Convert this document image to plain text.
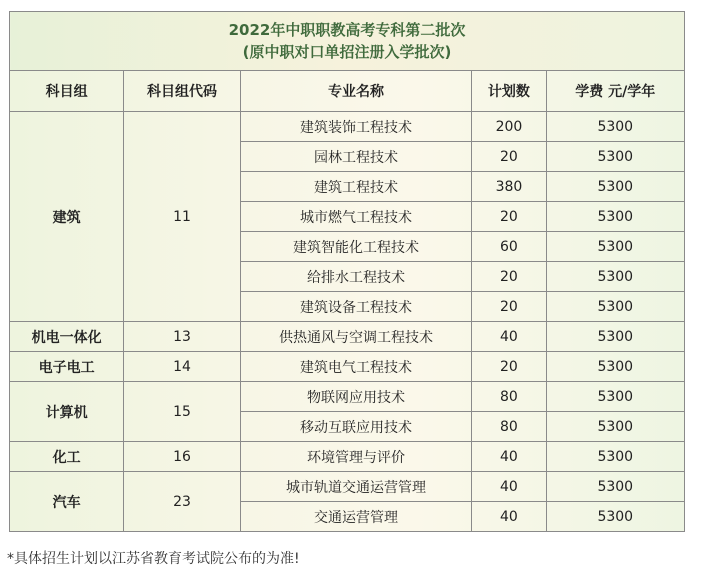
2022年中职职教高考专科第二批次
(原中职对口单招注册入学批次)				

科目组	科目组代码	专业名称	计划数	学费 元/学年
建筑	11	建筑装饰工程技术	200	5300
		园林工程技术	20	5300
		建筑工程技术	380	5300
		城市燃气工程技术	20	5300
		建筑智能化工程技术	60	5300
		给排水工程技术	20	5300
		建筑设备工程技术	20	5300
机电一体化	13	供热通风与空调工程技术	40	5300
电子电工	14	建筑电气工程技术	20	5300
计算机	15	物联网应用技术	80	5300
		移动互联应用技术	80	5300
化工	16	环境管理与评价	40	5300
汽车	23	城市轨道交通运营管理	40	5300
		交通运营管理	40	5300
*具体招生计划以江苏省教育考试院公布的为准!
